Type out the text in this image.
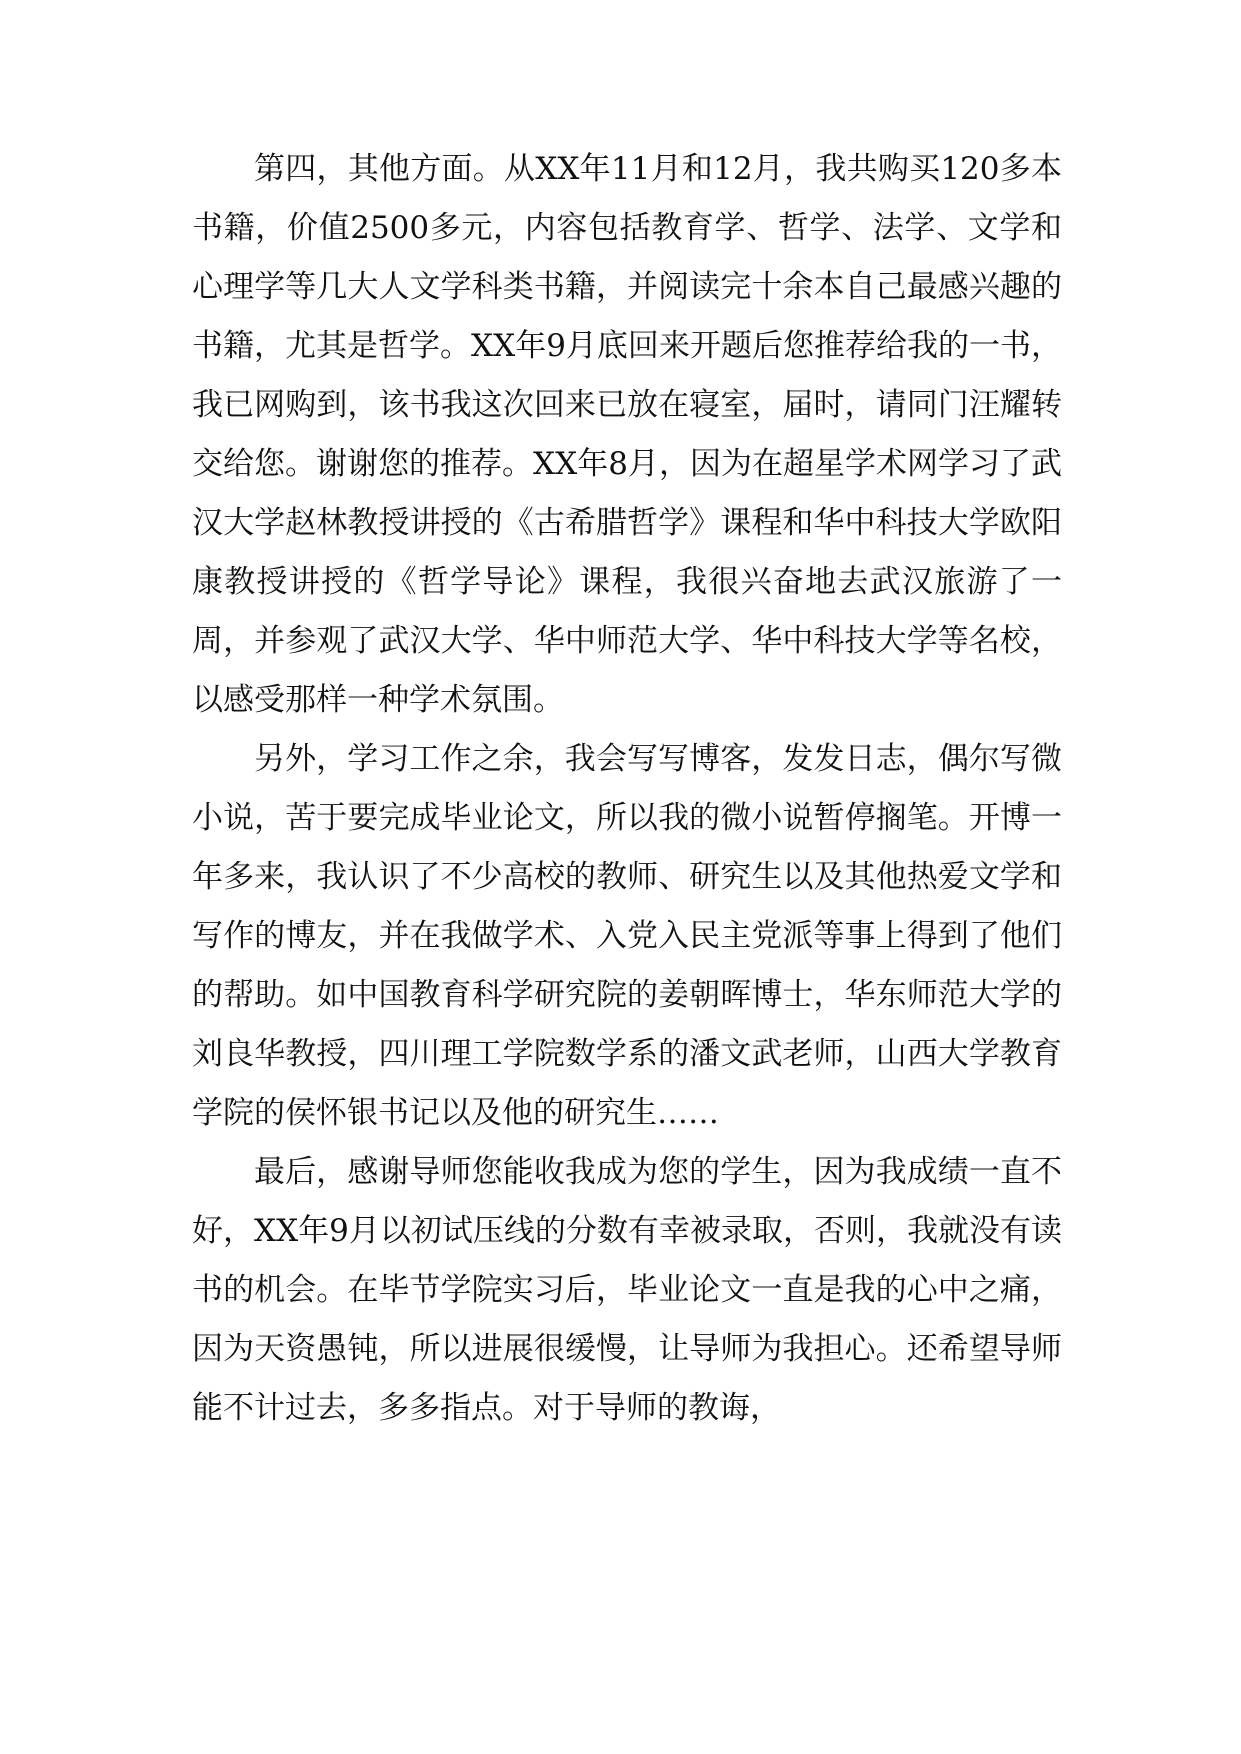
第四，其他方面。从XX年11月和12月，我共购买120多本书籍，价值2500多元，内容包括教育学、哲学、法学、文学和心理学等几大人文学科类书籍，并阅读完十余本自己最感兴趣的书籍，尤其是哲学。XX年9月底回来开题后您推荐给我的一书，我已网购到，该书我这次回来已放在寝室，届时，请同门汪耀转交给您。谢谢您的推荐。XX年8月，因为在超星学术网学习了武汉大学赵林教授讲授的《古希腊哲学》课程和华中科技大学欧阳康教授讲授的《哲学导论》课程，我很兴奋地去武汉旅游了一周，并参观了武汉大学、华中师范大学、华中科技大学等名校，以感受那样一种学术氛围。

另外，学习工作之余，我会写写博客，发发日志，偶尔写微小说，苦于要完成毕业论文，所以我的微小说暂停搁笔。开博一年多来，我认识了不少高校的教师、研究生以及其他热爱文学和写作的博友，并在我做学术、入党入民主党派等事上得到了他们的帮助。如中国教育科学研究院的姜朝晖博士，华东师范大学的刘良华教授，四川理工学院数学系的潘文武老师，山西大学教育学院的侯怀银书记以及他的研究生……

最后，感谢导师您能收我成为您的学生，因为我成绩一直不好，XX年9月以初试压线的分数有幸被录取，否则，我就没有读书的机会。在毕节学院实习后，毕业论文一直是我的心中之痛，因为天资愚钝，所以进展很缓慢，让导师为我担心。还希望导师能不计过去，多多指点。对于导师的教诲，
